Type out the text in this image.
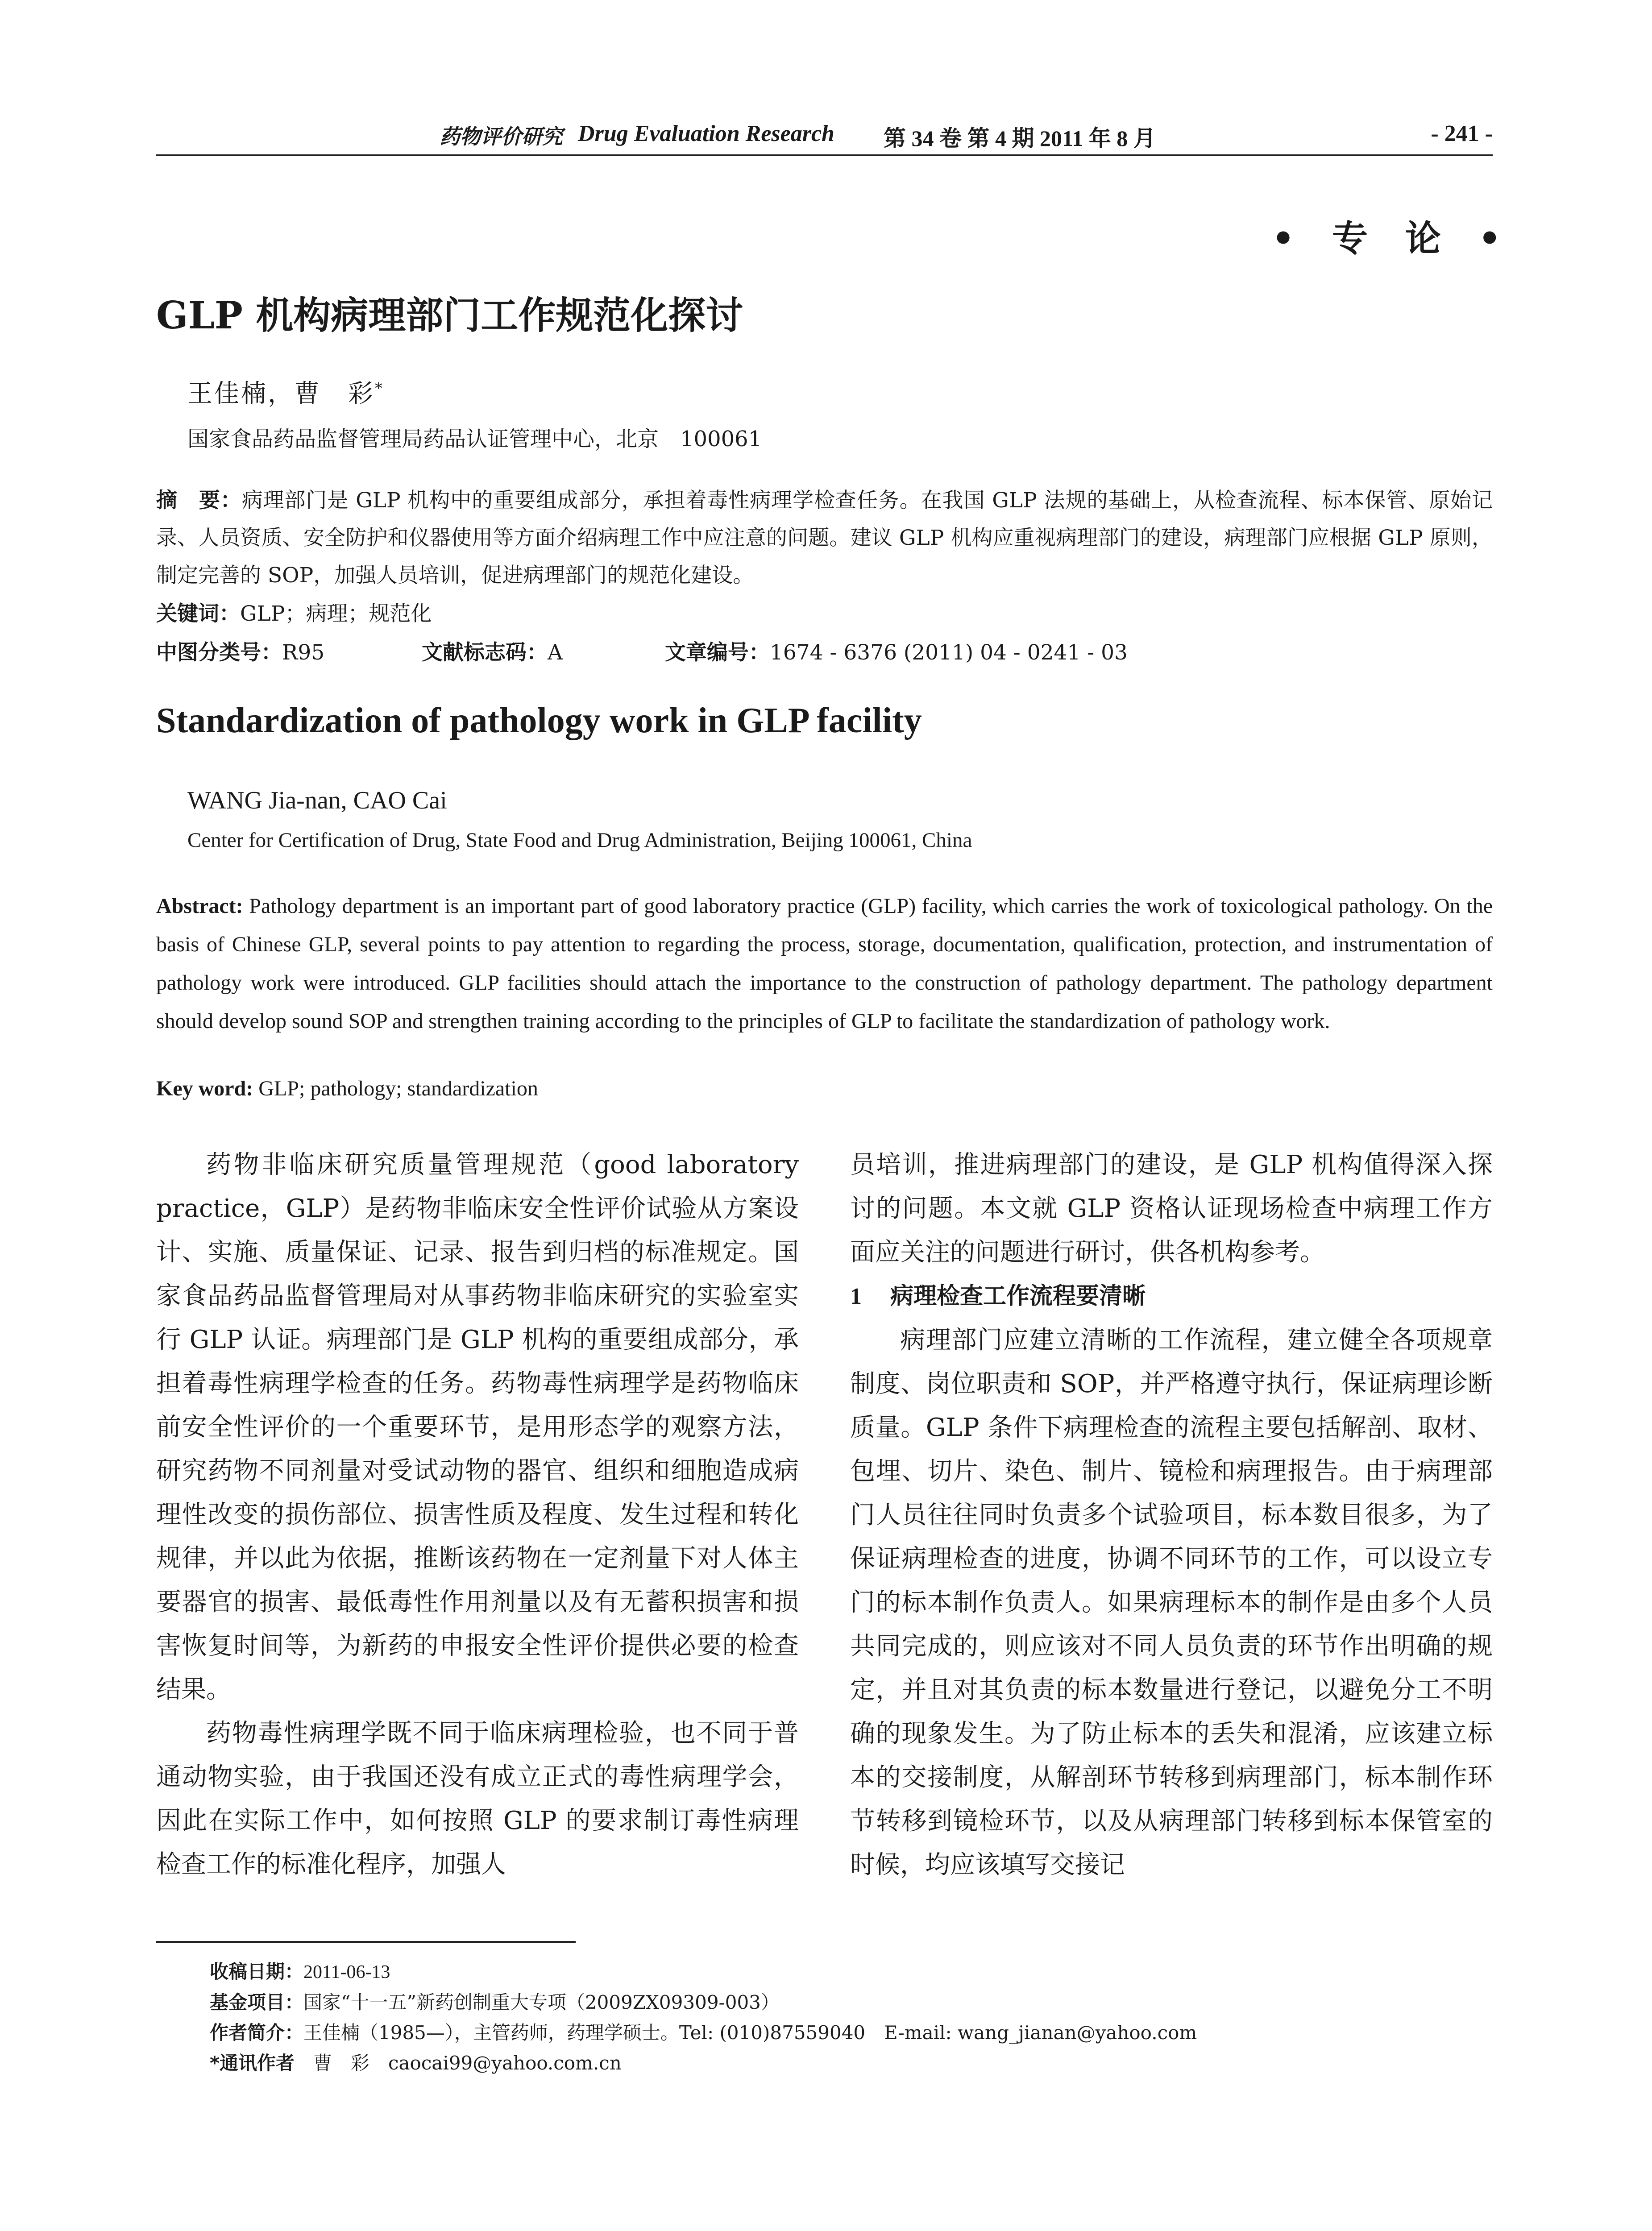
药物评价研究 Drug Evaluation Research 第 34 卷 第 4 期 2011 年 8 月	- 241 -
• 专 论 •
GLP 机构病理部门工作规范化探讨
王佳楠，曹　彩*
国家食品药品监督管理局药品认证管理中心，北京　100061
摘　要：病理部门是 GLP 机构中的重要组成部分，承担着毒性病理学检查任务。在我国 GLP 法规的基础上，从检查流程、标本保管、原始记录、人员资质、安全防护和仪器使用等方面介绍病理工作中应注意的问题。建议 GLP 机构应重视病理部门的建设，病理部门应根据 GLP 原则，制定完善的 SOP，加强人员培训，促进病理部门的规范化建设。
关键词：GLP；病理；规范化
中图分类号：R95	文献标志码：A	文章编号：1674 - 6376 (2011) 04 - 0241 - 03
Standardization of pathology work in GLP facility
WANG Jia-nan, CAO Cai
Center for Certification of Drug, State Food and Drug Administration, Beijing 100061, China
Abstract: Pathology department is an important part of good laboratory practice (GLP) facility, which carries the work of toxicological pathology. On the basis of Chinese GLP, several points to pay attention to regarding the process, storage, documentation, qualification, protection, and instrumentation of pathology work were introduced. GLP facilities should attach the importance to the construction of pathology department. The pathology department should develop sound SOP and strengthen training according to the principles of GLP to facilitate the standardization of pathology work.
Key word: GLP; pathology; standardization

药物非临床研究质量管理规范（good laboratory practice，GLP）是药物非临床安全性评价试验从方案设计、实施、质量保证、记录、报告到归档的标准规定。国家食品药品监督管理局对从事药物非临床研究的实验室实行 GLP 认证。病理部门是 GLP 机构的重要组成部分，承担着毒性病理学检查的任务。药物毒性病理学是药物临床前安全性评价的一个重要环节，是用形态学的观察方法，研究药物不同剂量对受试动物的器官、组织和细胞造成病理性改变的损伤部位、损害性质及程度、发生过程和转化规律，并以此为依据，推断该药物在一定剂量下对人体主要器官的损害、最低毒性作用剂量以及有无蓄积损害和损害恢复时间等，为新药的申报安全性评价提供必要的检查结果。

药物毒性病理学既不同于临床病理检验，也不同于普通动物实验，由于我国还没有成立正式的毒性病理学会，因此在实际工作中，如何按照 GLP 的要求制订毒性病理检查工作的标准化程序，加强人

员培训，推进病理部门的建设，是 GLP 机构值得深入探讨的问题。本文就 GLP 资格认证现场检查中病理工作方面应关注的问题进行研讨，供各机构参考。

1 病理检查工作流程要清晰

病理部门应建立清晰的工作流程，建立健全各项规章制度、岗位职责和 SOP，并严格遵守执行，保证病理诊断质量。GLP 条件下病理检查的流程主要包括解剖、取材、包埋、切片、染色、制片、镜检和病理报告。由于病理部门人员往往同时负责多个试验项目，标本数目很多，为了保证病理检查的进度，协调不同环节的工作，可以设立专门的标本制作负责人。如果病理标本的制作是由多个人员共同完成的，则应该对不同人员负责的环节作出明确的规定，并且对其负责的标本数量进行登记，以避免分工不明确的现象发生。为了防止标本的丢失和混淆，应该建立标本的交接制度，从解剖环节转移到病理部门，标本制作环节转移到镜检环节，以及从病理部门转移到标本保管室的时候，均应该填写交接记

收稿日期：2011-06-13
基金项目：国家“十一五”新药创制重大专项（2009ZX09309-003）
作者简介：王佳楠（1985—），主管药师，药理学硕士。Tel: (010)87559040　E-mail: wang_jianan@yahoo.com
*通讯作者　 曹　彩　caocai99@yahoo.com.cn
